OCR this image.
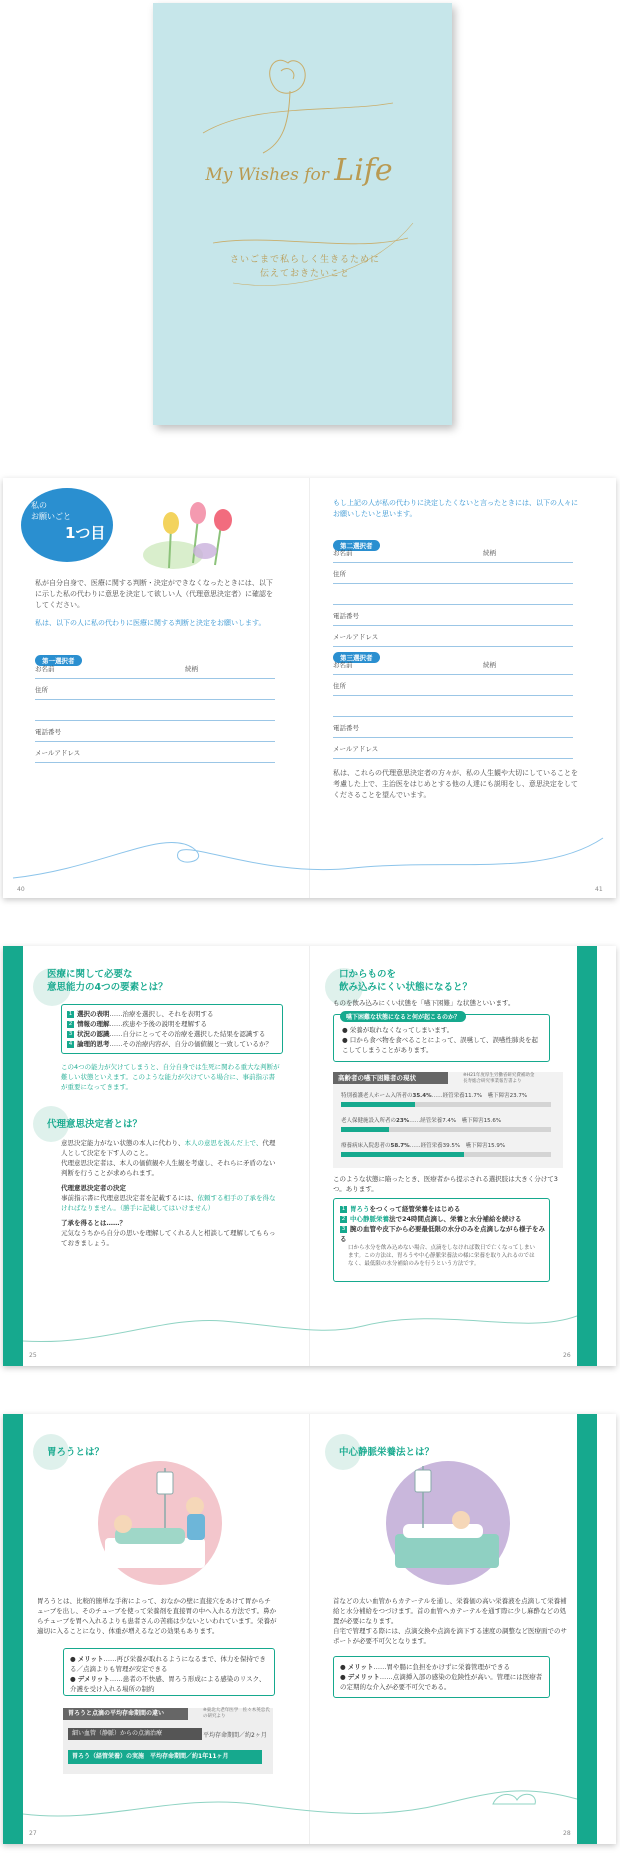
My Wishes for Life
さいごまで私らしく生きるために
伝えておきたいこと
私の
お願いごと
1つ目
私が自分自身で、医療に関する判断・決定ができなくなったときには、以下に示した私の代わりに意思を決定して欲しい人（代理意思決定者）に確認をしてください。
私は、以下の人に私の代わりに医療に関する判断と決定をお願いします。
第一選択者
お名前	続柄
住所
電話番号
メールアドレス
もし上記の人が私の代わりに決定したくないと言ったときには、以下の人々にお願いしたいと思います。
第二選択者
お名前	続柄
住所
電話番号
メールアドレス
第三選択者
お名前	続柄
住所
電話番号
メールアドレス
私は、これらの代理意思決定者の方々が、私の人生観や大切にしていることを考慮した上で、主治医をはじめとする他の人達にも説明をし、意思決定をしてくださることを望んでいます。
40	41
医療に関して必要な
意思能力の4つの要素とは？
1 選択の表明……治療を選択し、それを表明する
2 情報の理解……疾患や予後の説明を理解する
3 状況の認識……自分にとってその治療を選択した結果を認識する
4 論理的思考……その治療内容が、自分の価値観と一致しているか？
この4つの能力が欠けてしまうと、自分自身では生死に関わる重大な判断が難しい状態といえます。このような能力が欠けている場合に、事前指示書が重要になってきます。
代理意思決定者とは？
意思決定能力がない状態の本人に代わり、本人の意思を汲んだ上で、代理人として決定を下す人のこと。
代理意思決定者は、本人の価値観や人生観を考慮し、それらに矛盾のない判断を行うことが求められます。
代理意思決定者の決定
事前指示書に代理意思決定者を記載するには、依頼する相手の了承を得なければなりません。（勝手に記載してはいけません）
了承を得るとは……？
元気なうちから自分の思いを理解してくれる人と相談して理解してもらっておきましょう。
口からものを
飲み込みにくい状態になると？
ものを飲み込みにくい状態を「嚥下困難」な状態といいます。
嚥下困難な状態になると何が起こるのか？
● 栄養が取れなくなってしまいます。
● 口から食べ物を食べることによって、誤嚥して、誤嚥性肺炎を起こしてしまうことがあります。
高齢者の嚥下困難者の現状	※H21年度厚生労働省研究費補助金
長寿総合研究事業報告書より
特別養護老人ホーム入所者の35.4%……経管栄養11.7%　嚥下障害23.7%
老人保健施設入所者の23%……経管栄養7.4%　嚥下障害15.6%
療養病床入院患者の58.7%……経管栄養39.5%　嚥下障害15.9%
このような状態に陥ったとき、医療者から提示される選択肢は大きく分けて3つ。あります。
1 胃ろうをつくって経管栄養をはじめる
2 中心静脈栄養法で24時間点滴し、栄養と水分補給を続ける
3 腕の血管や皮下から必要最低限の水分のみを点滴しながら様子をみる
口から水分を飲み込めない場合、点滴をしなければ数日で亡くなってしまいます。この方法は、胃ろうや中心静脈栄養法の様に栄養を取り入れるのではなく、最低限の水分補給のみを行うという方法です。
25	26
胃ろうとは？
胃ろうとは、比較的簡単な手術によって、おなかの壁に直接穴をあけて胃からチューブを出し、そのチューブを使って栄養剤を直接胃の中へ入れる方法です。鼻からチューブを胃へ入れるよりも患者さんの苦痛は少ないといわれています。栄養が適切に入ることになり、体重が増えるなどの効果もあります。
● メリット……再び栄養が取れるようになるまで、体力を保持できる／点滴よりも管理が安定できる
● デメリット……患者の不快感、胃ろう形成による感染のリスク、介護を受け入れる場所の制約
胃ろうと点滴の平均存命期間の違い	※東北大老年医学　佐々木英忠氏の研究より
細い血管（静脈）からの点滴治療	平均存命期間／約2ヶ月
胃ろう（経管栄養）の実施　 平均存命期間／約1年11ヶ月
中心静脈栄養法とは？
首などの太い血管からカテーテルを通し、栄養価の高い栄養液を点滴して栄養補給と水分補給をつづけます。首の血管へカテーテルを通す際に少し麻酔などの処置が必要になります。
自宅で管理する際には、点滴交換や点滴を滴下する速度の調整など医療面でのサポートが必要不可欠となります。
● メリット……胃や腸に負担をかけずに栄養管理ができる
● デメリット……点滴挿入部の感染の危険性が高い。管理には医療者の定期的な介入が必要不可欠である。
27	28
